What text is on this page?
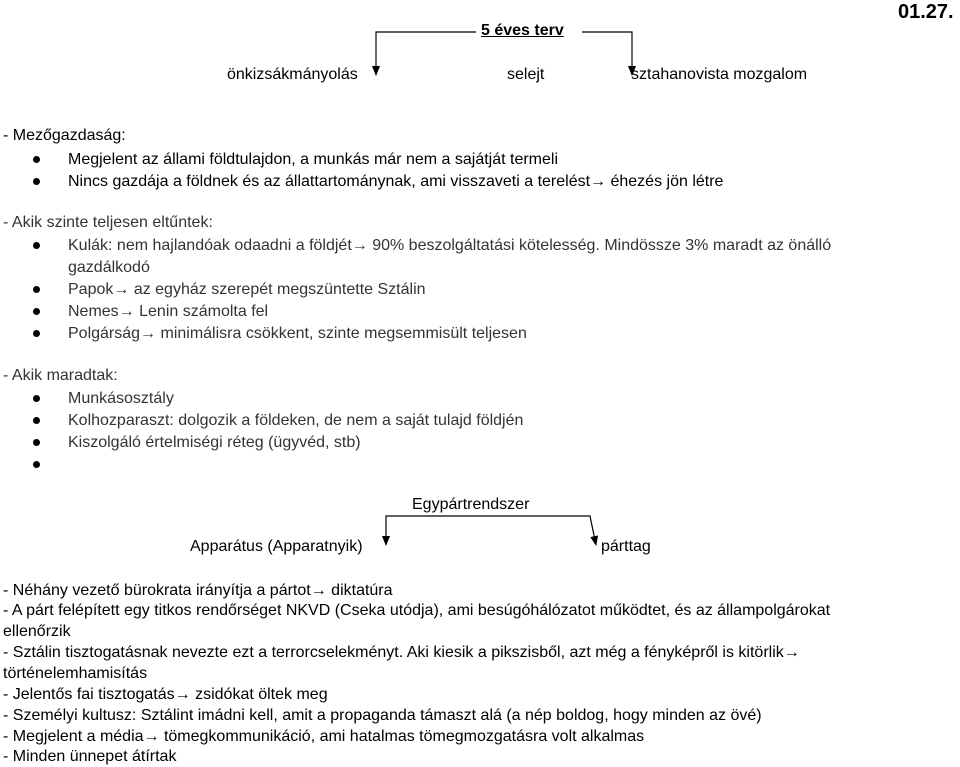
01.27.
5 éves terv
önkizsákmányolás	selejt	sztahanovista mozgalom
- Mezőgazdaság:
Megjelent az állami földtulajdon, a munkás már nem a sajátját termeli
Nincs gazdája a földnek és az állattartománynak, ami visszaveti a terelést→ éhezés jön létre
- Akik szinte teljesen eltűntek:
Kulák: nem hajlandóak odaadni a földjét→ 90% beszolgáltatási kötelesség. Mindössze 3% maradt az önálló
gazdálkodó
Papok→ az egyház szerepét megszüntette Sztálin
Nemes→ Lenin számolta fel
Polgárság→ minimálisra csökkent, szinte megsemmisült teljesen
- Akik maradtak:
Munkásosztály
Kolhozparaszt: dolgozik a földeken, de nem a saját tulajd földjén
Kiszolgáló értelmiségi réteg (ügyvéd, stb)
Egypártrendszer
Apparátus (Apparatnyik)	párttag
- Néhány vezető bürokrata irányítja a pártot→ diktatúra
- A párt felépített egy titkos rendőrséget NKVD (Cseka utódja), ami besúgóhálózatot működtet, és az állampolgárokat
ellenőrzik
- Sztálin tisztogatásnak nevezte ezt a terrorcselekményt. Aki kiesik a pikszisből, azt még a fényképről is kitörlik→
történelemhamisítás
- Jelentős fai tisztogatás→ zsidókat öltek meg
- Személyi kultusz: Sztálint imádni kell, amit a propaganda támaszt alá (a nép boldog, hogy minden az övé)
- Megjelent a média→ tömegkommunikáció, ami hatalmas tömegmozgatásra volt alkalmas
- Minden ünnepet átírtak
